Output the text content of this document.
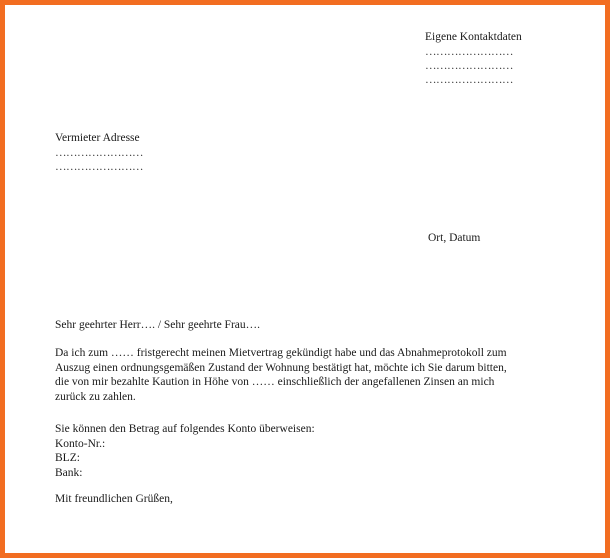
Eigene Kontaktdaten
……………………
……………………
……………………
Vermieter Adresse
……………………
……………………
Ort, Datum
Sehr geehrter Herr…. / Sehr geehrte Frau….
Da ich zum …… fristgerecht meinen Mietvertrag gekündigt habe und das Abnahmeprotokoll zum
Auszug einen ordnungsgemäßen Zustand der Wohnung bestätigt hat, möchte ich Sie darum bitten,
die von mir bezahlte Kaution in Höhe von …… einschließlich der angefallenen Zinsen an mich
zurück zu zahlen.
Sie können den Betrag auf folgendes Konto überweisen:
Konto-Nr.:
BLZ:
Bank:
Mit freundlichen Grüßen,
